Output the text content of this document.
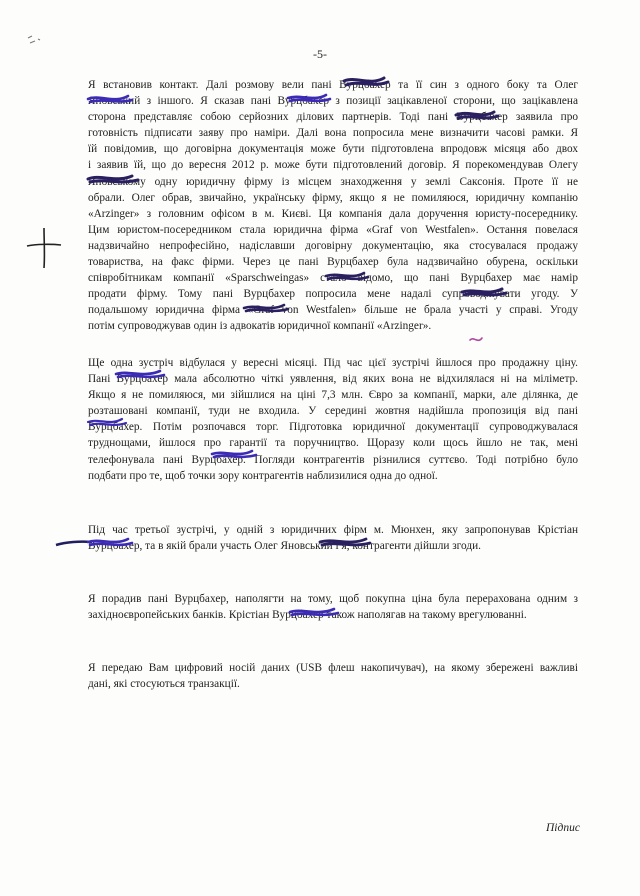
-5-
Я встановив контакт. Далі розмову вели пані Вурцбахер та її син з одного боку та Олег
Яновський з іншого. Я сказав пані Вурцбахер з позиції зацікавленої сторони, що зацікавлена
сторона представляє собою серйозних ділових партнерів. Тоді пані Вурцбахер заявила про
готовність підписати заяву про наміри. Далі вона попросила мене визначити часові рамки. Я
їй повідомив, що договірна документація може бути підготовлена впродовж місяця або двох
і заявив їй, що до вересня 2012 р. може бути підготовлений договір. Я порекомендував Олегу
Яновському одну юридичну фірму із місцем знаходження у землі Саксонія. Проте її не
обрали. Олег обрав, звичайно, українську фірму, якщо я не помиляюся, юридичну компанію
«Arzinger» з головним офісом в м. Києві. Ця компанія дала доручення юристу-посереднику.
Цим юристом-посередником стала юридична фірма «Graf von Westfalen». Остання повелася
надзвичайно непрофесійно, надіславши договірну документацію, яка стосувалася продажу
товариства, на факс фірми. Через це пані Вурцбахер була надзвичайно обурена, оскільки
співробітникам компанії «Sparschweingas» стало відомо, що пані Вурцбахер має намір
продати фірму. Тому пані Вурцбахер попросила мене надалі супроводжувати угоду. У
подальшому юридична фірма «Graf von Westfalen» більше не брала участі у справі. Угоду
потім супроводжував один із адвокатів юридичної компанії «Arzinger».
Ще одна зустріч відбулася у вересні місяці. Під час цієї зустрічі йшлося про продажну ціну.
Пані Вурцбахер мала абсолютно чіткі уявлення, від яких вона не відхилялася ні на міліметр.
Якщо я не помиляюся, ми зійшлися на ціні 7,3 млн. Євро за компанії, марки, але ділянка, де
розташовані компанії, туди не входила. У середині жовтня надійшла пропозиція від пані
Вурцбахер. Потім розпочався торг. Підготовка юридичної документації супроводжувалася
труднощами, йшлося про гарантії та поручництво. Щоразу коли щось йшло не так, мені
телефонувала пані Вурцбахер. Погляди контрагентів різнилися суттєво. Тоді потрібно було
подбати про те, щоб точки зору контрагентів наблизилися одна до одної.
Під час третьої зустрічі, у одній з юридичних фірм м. Мюнхен, яку запропонував Крістіан
Вурцбахер, та в якій брали участь Олег Яновський і я, контрагенти дійшли згоди.
Я порадив пані Вурцбахер, наполягти на тому, щоб покупна ціна була перерахована одним з
західноєвропейських банків. Крістіан Вурцбахер також наполягав на такому врегулюванні.
Я передаю Вам цифровий носій даних (USB флеш накопичувач), на якому збережені важливі
дані, які стосуються транзакції.
Підпис
